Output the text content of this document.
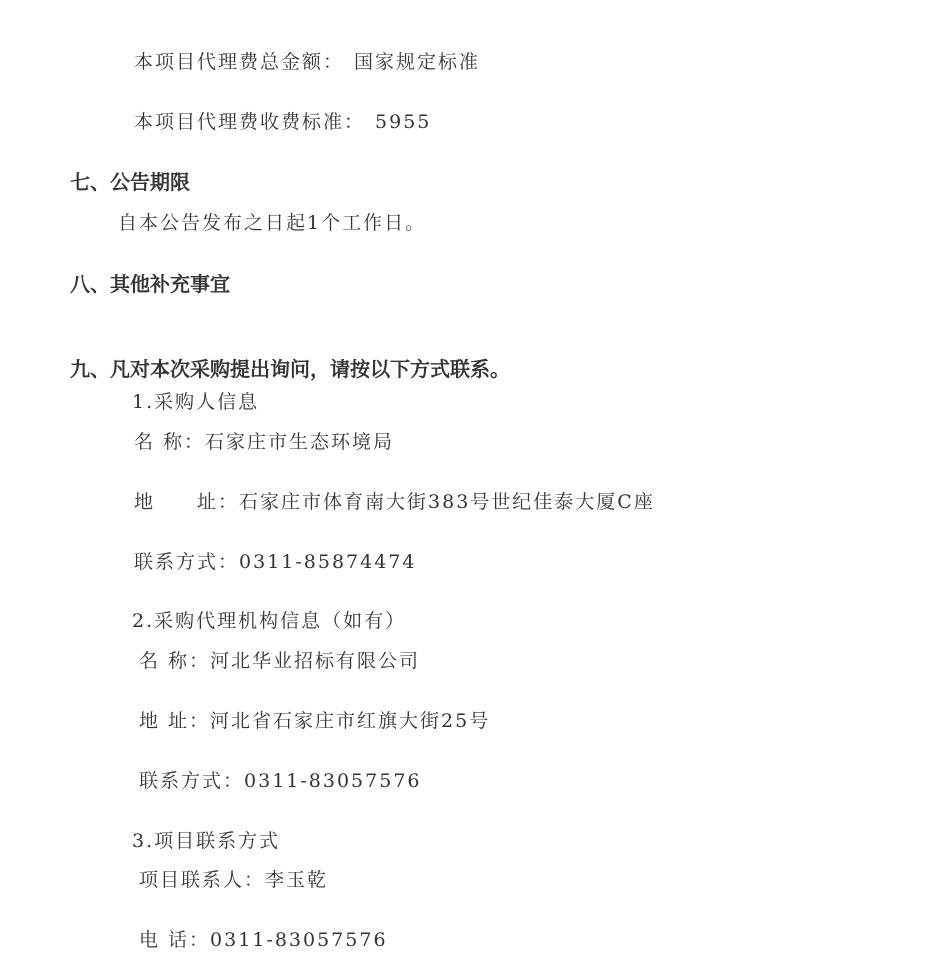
本项目代理费总金额： 国家规定标准
本项目代理费收费标准： 5955
七、公告期限
自本公告发布之日起1个工作日。
八、其他补充事宜
九、凡对本次采购提出询问，请按以下方式联系。
1.采购人信息
名 称：石家庄市生态环境局
地　　址：石家庄市体育南大街383号世纪佳泰大厦C座
联系方式：0311-85874474
2.采购代理机构信息（如有）
名 称：河北华业招标有限公司
地 址：河北省石家庄市红旗大街25号
联系方式：0311-83057576
3.项目联系方式
项目联系人：李玉乾
电 话：0311-83057576
